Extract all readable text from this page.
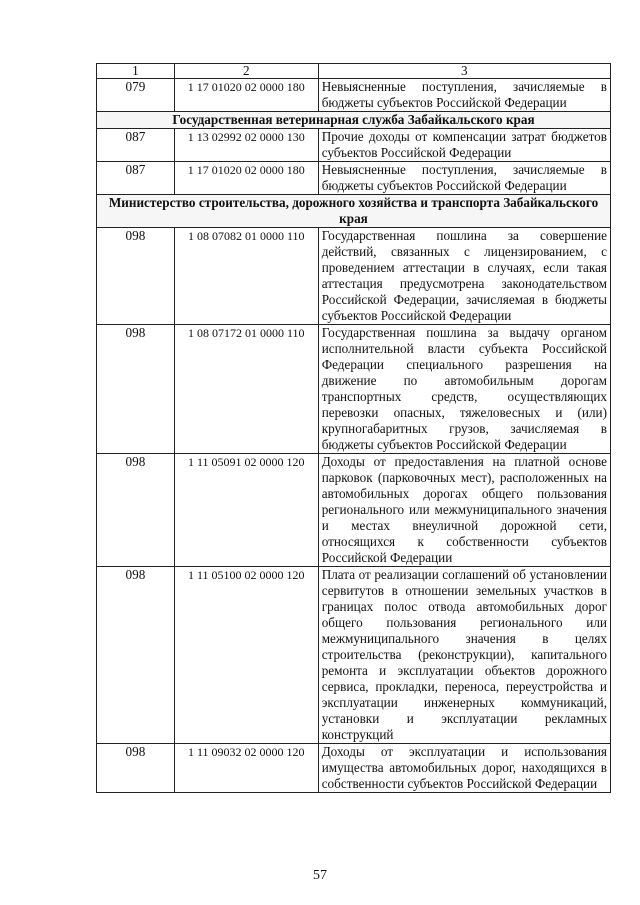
1	2	3
079	1 17 01020 02 0000 180	Невыясненные поступления, зачисляемые в бюджеты субъектов Российской Федерации
Государственная ветеринарная служба Забайкальского края		
087	1 13 02992 02 0000 130	Прочие доходы от компенсации затрат бюджетов субъектов Российской Федерации
087	1 17 01020 02 0000 180	Невыясненные поступления, зачисляемые в бюджеты субъектов Российской Федерации
Министерство строительства, дорожного хозяйства и транспорта Забайкальского края		
098	1 08 07082 01 0000 110	Государственная пошлина за совершение действий, связанных с лицензированием, с проведением аттестации в случаях, если такая аттестация предусмотрена законодательством Российской Федерации, зачисляемая в бюджеты субъектов Российской Федерации
098	1 08 07172 01 0000 110	Государственная пошлина за выдачу органом исполнительной власти субъекта Российской Федерации специального разрешения на движение по автомобильным дорогам транспортных средств, осуществляющих перевозки опасных, тяжеловесных и (или) крупногабаритных грузов, зачисляемая в бюджеты субъектов Российской Федерации
098	1 11 05091 02 0000 120	Доходы от предоставления на платной основе парковок (парковочных мест), расположенных на автомобильных дорогах общего пользования регионального или межмуниципального значения и местах внеуличной дорожной сети, относящихся к собственности субъектов Российской Федерации
098	1 11 05100 02 0000 120	Плата от реализации соглашений об установлении сервитутов в отношении земельных участков в границах полос отвода автомобильных дорог общего пользования регионального или межмуниципального значения в целях строительства (реконструкции), капитального ремонта и эксплуатации объектов дорожного сервиса, прокладки, переноса, переустройства и эксплуатации инженерных коммуникаций, установки и эксплуатации рекламных конструкций
098	1 11 09032 02 0000 120	Доходы от эксплуатации и использования имущества автомобильных дорог, находящихся в собственности субъектов Российской Федерации
57
